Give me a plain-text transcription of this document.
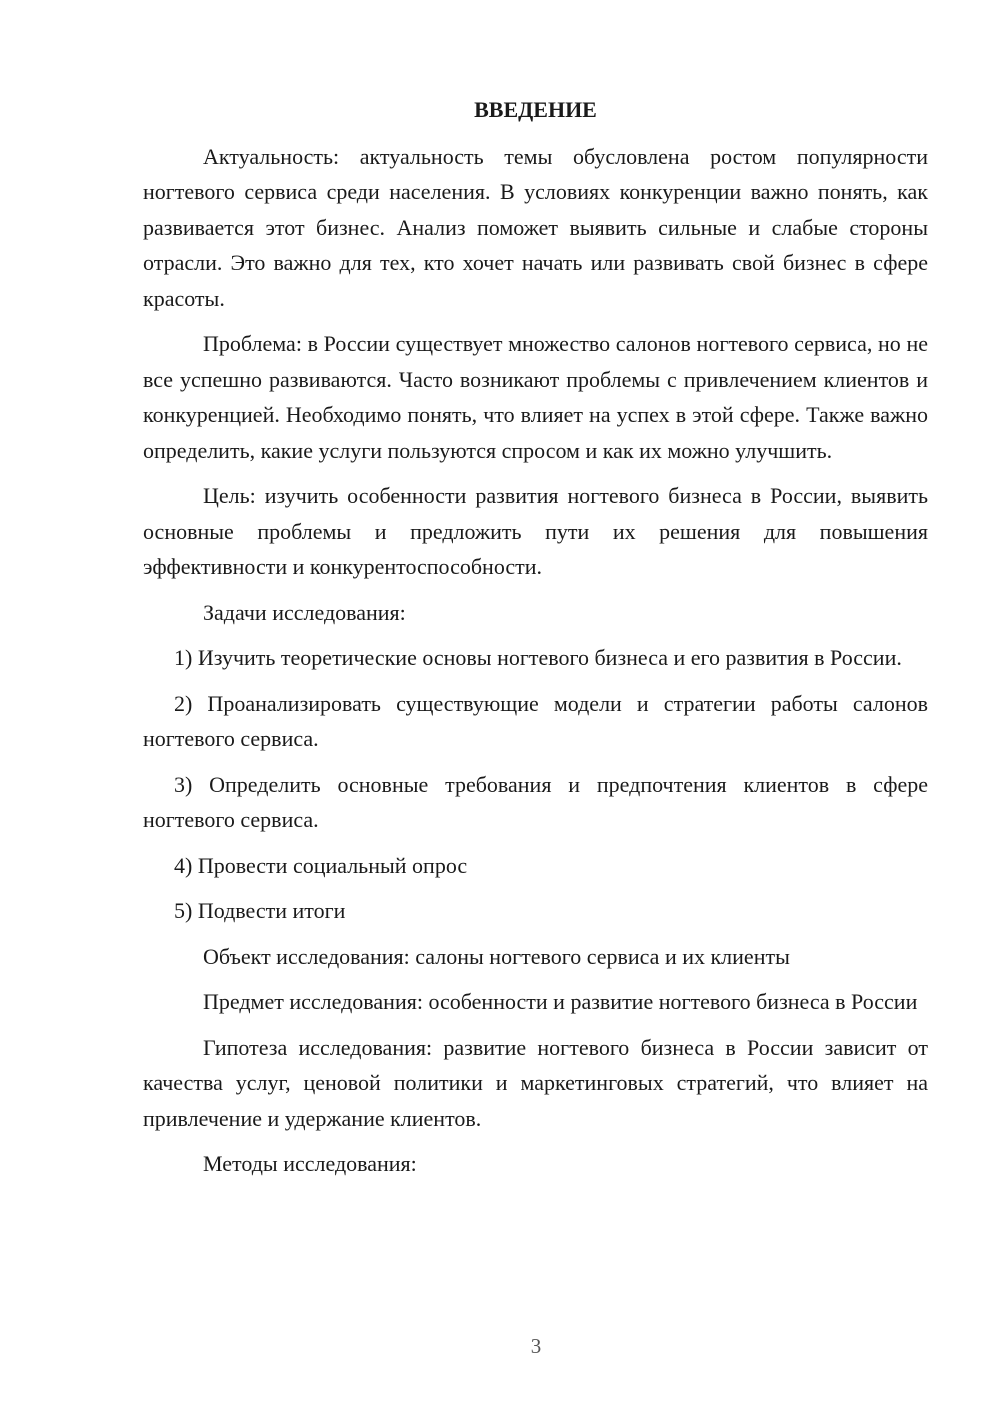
ВВЕДЕНИЕ

Актуальность: актуальность темы обусловлена ростом популярности ногтевого сервиса среди населения. В условиях конкуренции важно понять, как развивается этот бизнес. Анализ поможет выявить сильные и слабые стороны отрасли. Это важно для тех, кто хочет начать или развивать свой бизнес в сфере красоты.

Проблема: в России существует множество салонов ногтевого сервиса, но не все успешно развиваются. Часто возникают проблемы с привлечением клиентов и конкуренцией. Необходимо понять, что влияет на успех в этой сфере. Также важно определить, какие услуги пользуются спросом и как их можно улучшить.

Цель: изучить особенности развития ногтевого бизнеса в России, выявить основные проблемы и предложить пути их решения для повышения эффективности и конкурентоспособности.

Задачи исследования:

1) Изучить теоретические основы ногтевого бизнеса и его развития в России.

2) Проанализировать существующие модели и стратегии работы салонов ногтевого сервиса.

3) Определить основные требования и предпочтения клиентов в сфере ногтевого сервиса.

4) Провести социальный опрос

5) Подвести итоги

Объект исследования: салоны ногтевого сервиса и их клиенты

Предмет исследования: особенности и развитие ногтевого бизнеса в России

Гипотеза исследования: развитие ногтевого бизнеса в России зависит от качества услуг, ценовой политики и маркетинговых стратегий, что влияет на привлечение и удержание клиентов.

Методы исследования:

3
